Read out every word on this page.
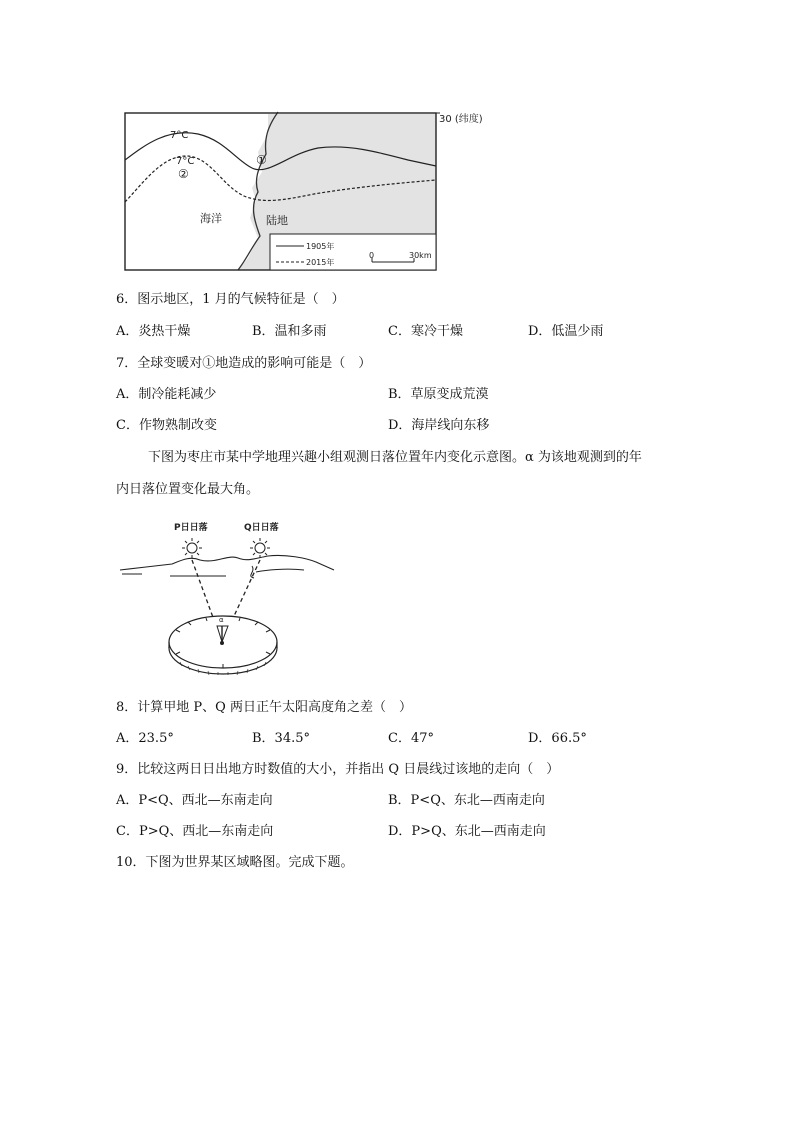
30 (纬度)
7°C
7°C	①
②
海洋	陆地
1905年
2015年
0	30km
6．图示地区，1 月的气候特征是（　）
A．炎热干燥	B．温和多雨	C．寒冷干燥	D．低温少雨
7．全球变暖对①地造成的影响可能是（　）
A．制冷能耗减少	B．草原变成荒漠
C．作物熟制改变	D．海岸线向东移
下图为枣庄市某中学地理兴趣小组观测日落位置年内变化示意图。α 为该地观测到的年
内日落位置变化最大角。
P日日落	Q日日落
α
8．计算甲地 P、Q 两日正午太阳高度角之差（　）
A．23.5°	B．34.5°	C．47°	D．66.5°
9．比较这两日日出地方时数值的大小，并指出 Q 日晨线过该地的走向（　）
A．P<Q、西北—东南走向	B．P<Q、东北—西南走向
C．P>Q、西北—东南走向	D．P>Q、东北—西南走向
10．下图为世界某区域略图。完成下题。
